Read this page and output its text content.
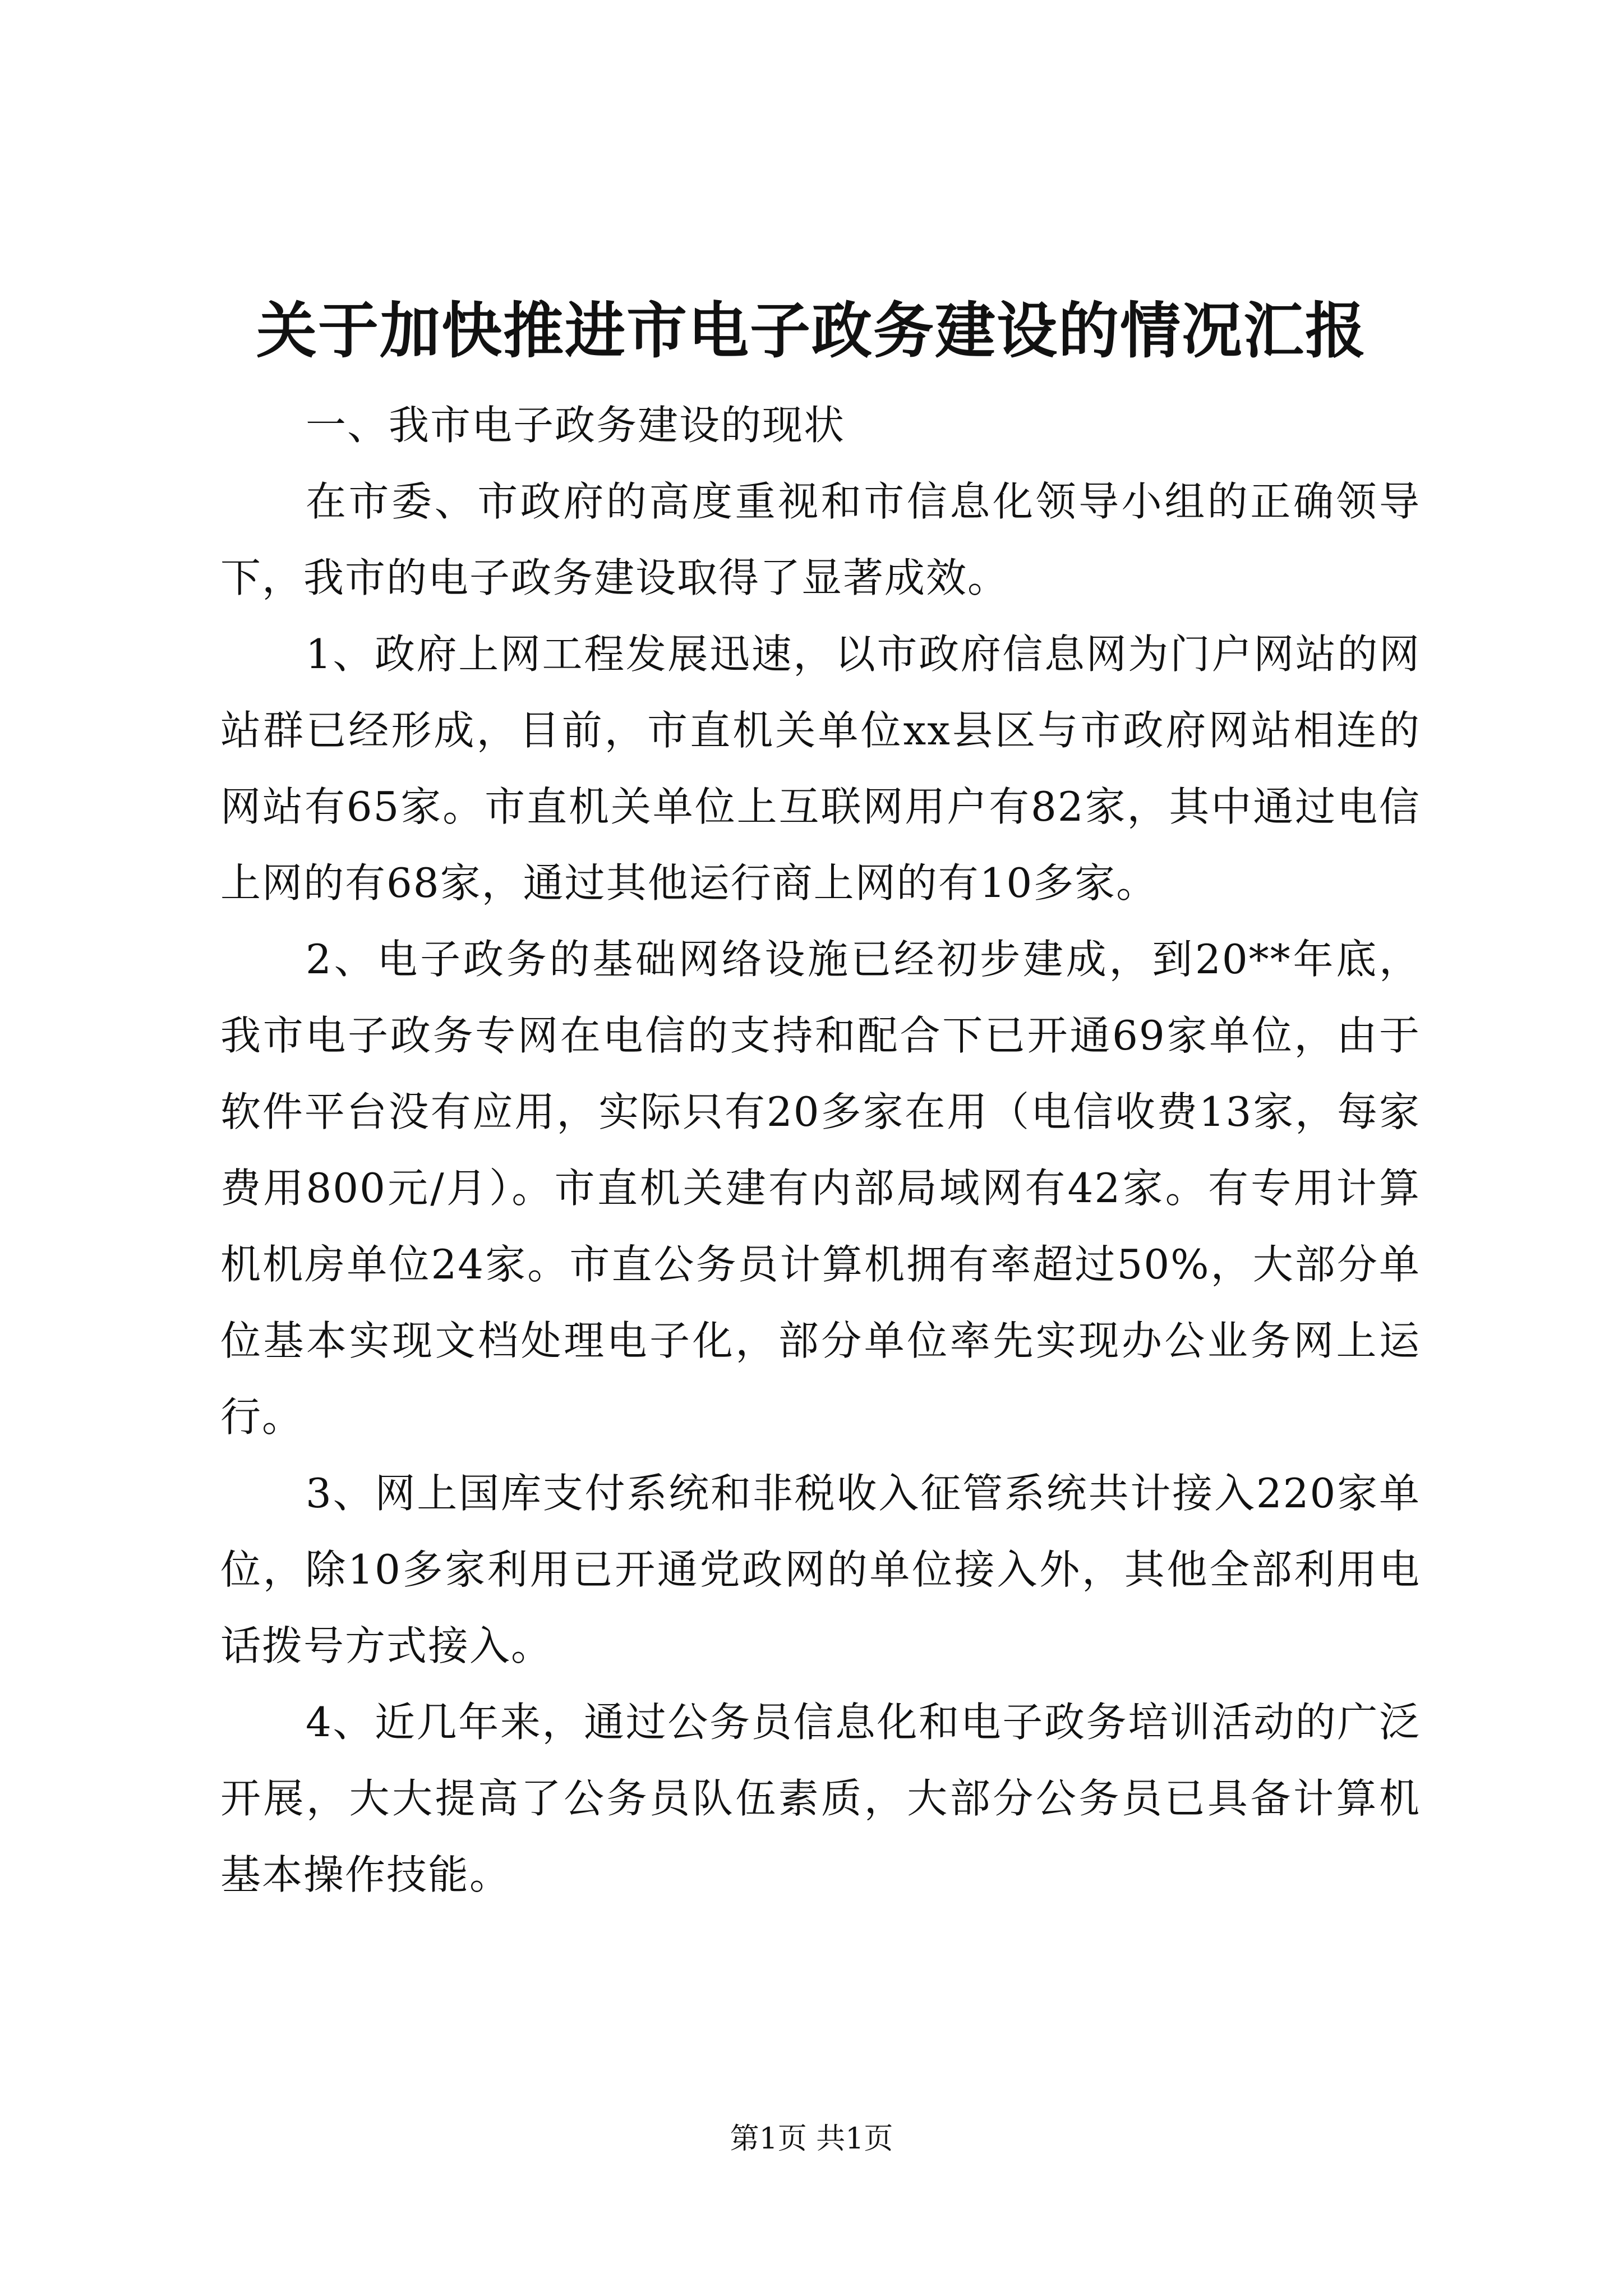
关于加快推进市电子政务建设的情况汇报

一、我市电子政务建设的现状

在市委、市政府的高度重视和市信息化领导小组的正确领导下，我市的电子政务建设取得了显著成效。

1、政府上网工程发展迅速，以市政府信息网为门户网站的网站群已经形成，目前，市直机关单位xx县区与市政府网站相连的网站有65家。市直机关单位上互联网用户有82家，其中通过电信上网的有68家，通过其他运行商上网的有10多家。

2、电子政务的基础网络设施已经初步建成，到20**年底，我市电子政务专网在电信的支持和配合下已开通69家单位，由于软件平台没有应用，实际只有20多家在用（电信收费13家，每家费用800元/月）。市直机关建有内部局域网有42家。有专用计算机机房单位24家。市直公务员计算机拥有率超过50%，大部分单位基本实现文档处理电子化，部分单位率先实现办公业务网上运行。

3、网上国库支付系统和非税收入征管系统共计接入220家单位，除10多家利用已开通党政网的单位接入外，其他全部利用电话拨号方式接入。

4、近几年来，通过公务员信息化和电子政务培训活动的广泛开展，大大提高了公务员队伍素质，大部分公务员已具备计算机基本操作技能。

第1页 共1页
